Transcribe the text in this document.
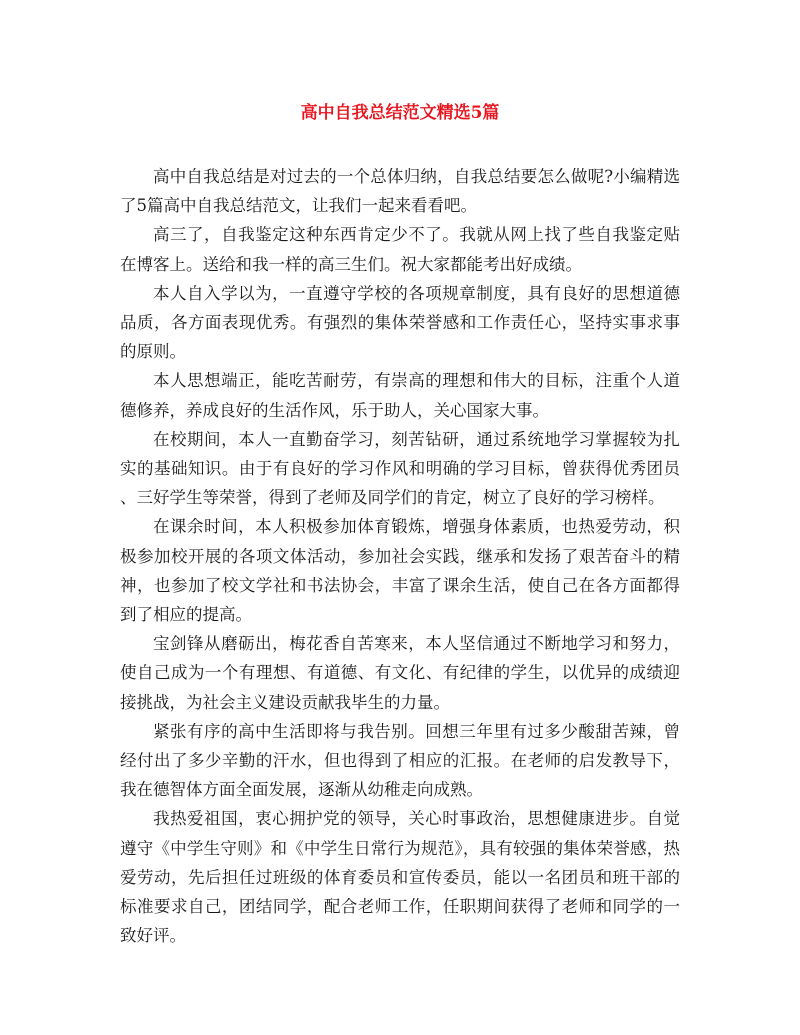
高中自我总结范文精选5篇

高中自我总结是对过去的一个总体归纳，自我总结要怎么做呢?小编精选了5篇高中自我总结范文，让我们一起来看看吧。

高三了，自我鉴定这种东西肯定少不了。我就从网上找了些自我鉴定贴在博客上。送给和我一样的高三生们。祝大家都能考出好成绩。

本人自入学以为，一直遵守学校的各项规章制度，具有良好的思想道德品质，各方面表现优秀。有强烈的集体荣誉感和工作责任心，坚持实事求事的原则。

本人思想端正，能吃苦耐劳，有崇高的理想和伟大的目标，注重个人道德修养，养成良好的生活作风，乐于助人，关心国家大事。

在校期间，本人一直勤奋学习，刻苦钻研，通过系统地学习掌握较为扎实的基础知识。由于有良好的学习作风和明确的学习目标，曾获得优秀团员、三好学生等荣誉，得到了老师及同学们的肯定，树立了良好的学习榜样。

在课余时间，本人积极参加体育锻炼，增强身体素质，也热爱劳动，积极参加校开展的各项文体活动，参加社会实践，继承和发扬了艰苦奋斗的精神，也参加了校文学社和书法协会，丰富了课余生活，使自己在各方面都得到了相应的提高。

宝剑锋从磨砺出，梅花香自苦寒来，本人坚信通过不断地学习和努力，使自己成为一个有理想、有道德、有文化、有纪律的学生，以优异的成绩迎接挑战，为社会主义建设贡献我毕生的力量。

紧张有序的高中生活即将与我告别。回想三年里有过多少酸甜苦辣，曾经付出了多少辛勤的汗水，但也得到了相应的汇报。在老师的启发教导下，我在德智体方面全面发展，逐渐从幼稚走向成熟。

我热爱祖国，衷心拥护党的领导，关心时事政治，思想健康进步。自觉遵守《中学生守则》和《中学生日常行为规范》，具有较强的集体荣誉感，热爱劳动，先后担任过班级的体育委员和宣传委员，能以一名团员和班干部的标准要求自己，团结同学，配合老师工作，任职期间获得了老师和同学的一致好评。
